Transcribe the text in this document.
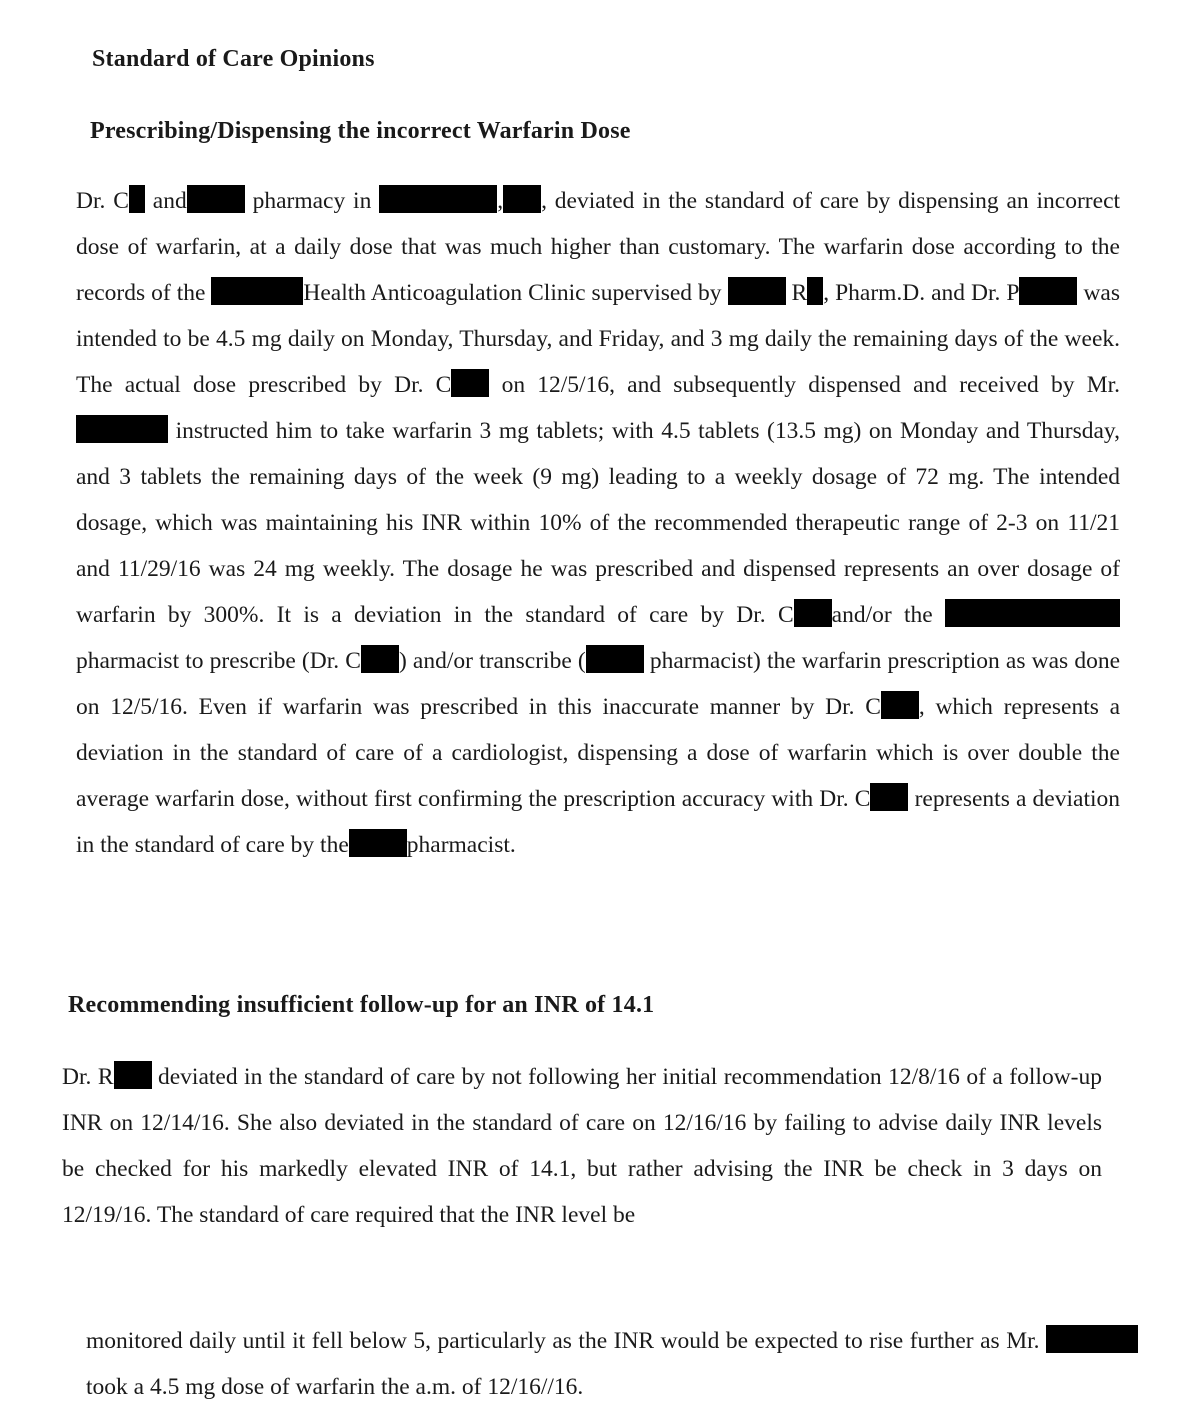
Standard of Care Opinions
Prescribing/Dispensing the incorrect Warfarin Dose
Dr. C and	pharmacy in	, , deviated in the standard of care by dispensing an incorrect dose of warfarin, at a daily dose that was much higher than customary. The warfarin dose according to the records of the	Health Anticoagulation Clinic supervised by	R , Pharm.D. and Dr. P	was intended to be 4.5 mg daily on Monday, Thursday, and Friday, and 3 mg daily the remaining days of the week. The actual dose prescribed by Dr. C on 12/5/16, and subsequently dispensed and received by Mr.  instructed him to take warfarin 3 mg tablets; with 4.5 tablets (13.5 mg) on Monday and Thursday, and 3 tablets the remaining days of the week (9 mg) leading to a weekly dosage of 72 mg. The intended dosage, which was maintaining his INR within 10% of the recommended therapeutic range of 2-3 on 11/21 and 11/29/16 was 24 mg weekly. The dosage he was prescribed and dispensed represents an over dosage of warfarin by 300%. It is a deviation in the standard of care by Dr. C and/or the  pharmacist to prescribe (Dr. C ) and/or transcribe (	pharmacist) the warfarin prescription as was done on 12/5/16. Even if warfarin was prescribed in this inaccurate manner by Dr. C , which represents a deviation in the standard of care of a cardiologist, dispensing a dose of warfarin which is over double the average warfarin dose, without first confirming the prescription accuracy with Dr. C represents a deviation in the standard of care by the pharmacist.
Recommending insufficient follow-up for an INR of 14.1
Dr. R deviated in the standard of care by not following her initial recommendation 12/8/16 of a follow-up INR on 12/14/16. She also deviated in the standard of care on 12/16/16 by failing to advise daily INR levels be checked for his markedly elevated INR of 14.1, but rather advising the INR be check in 3 days on 12/19/16. The standard of care required that the INR level be
monitored daily until it fell below 5, particularly as the INR would be expected to rise further as Mr.  took a 4.5 mg dose of warfarin the a.m. of 12/16//16.
